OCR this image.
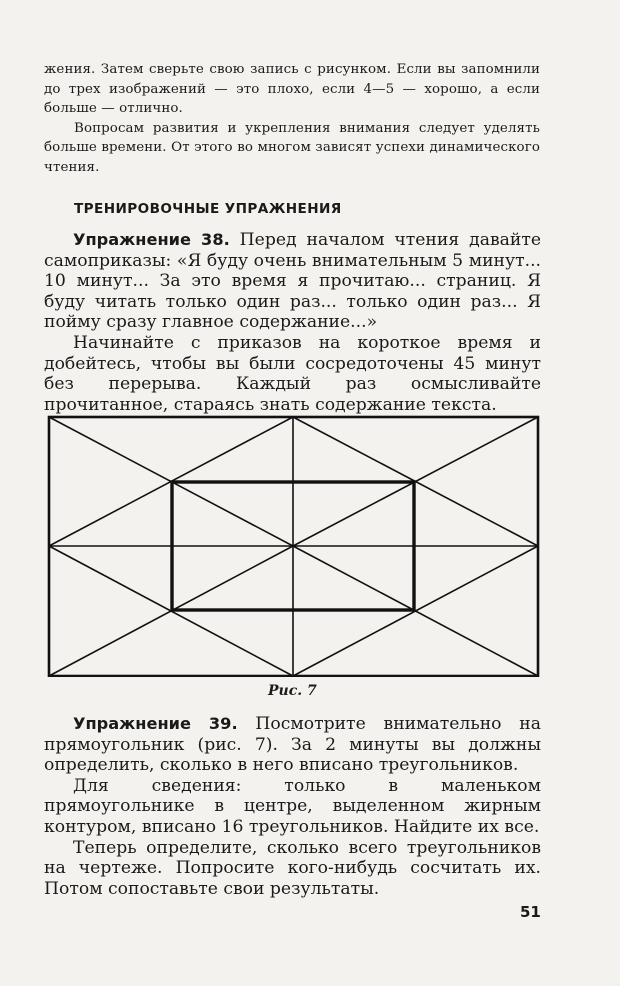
жения. Затем сверьте свою запись с рисунком. Если вы запомнили до трех изображений — это плохо, если 4—5 — хорошо, а если больше — отлично.

Вопросам развития и укрепления внимания следует уделять больше времени. От этого во многом зависят успехи динамического чтения.

ТРЕНИРОВОЧНЫЕ УПРАЖНЕНИЯ

Упражнение 38. Перед началом чтения давайте самоприказы: «Я буду очень внимательным 5 минут... 10 минут... За это время я прочитаю... страниц. Я буду читать только один раз... только один раз... Я пойму сразу главное содержание...»

Начинайте с приказов на короткое время и добейтесь, чтобы вы были сосредоточены 45 минут без перерыва. Каждый раз осмысливайте прочитанное, стараясь знать содержание текста.

Рис. 7

Упражнение 39. Посмотрите внимательно на прямоугольник (рис. 7). За 2 минуты вы должны определить, сколько в него вписано треугольников.

Для сведения: только в маленьком прямоугольнике в центре, выделенном жирным контуром, вписано 16 треугольников. Найдите их все.

Теперь определите, сколько всего треугольников на чертеже. Попросите кого-нибудь сосчитать их. Потом сопоставьте свои результаты.

51
